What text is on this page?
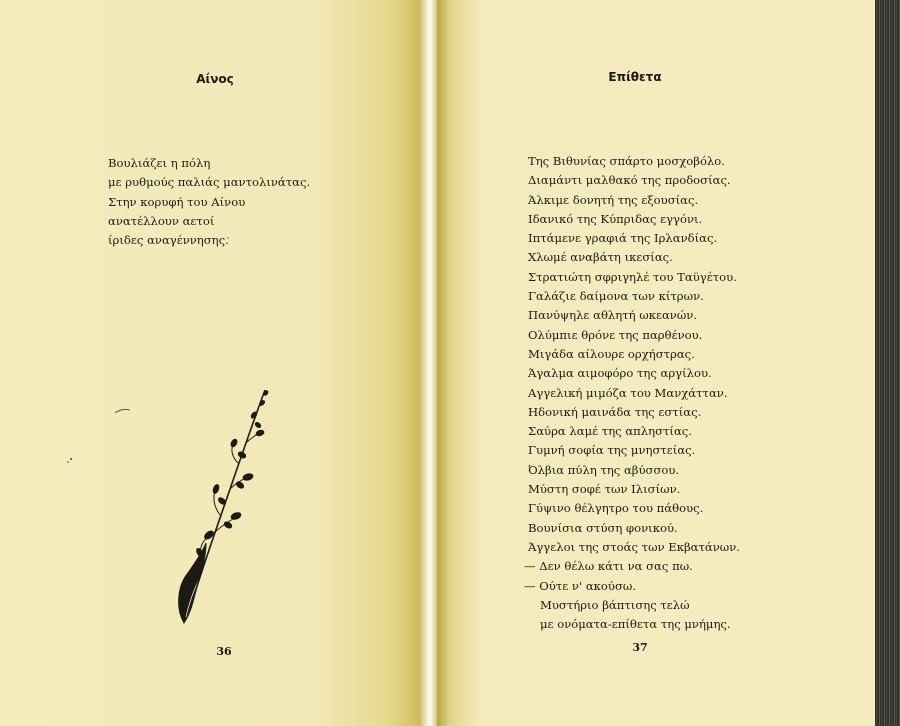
Αίνος
Βουλιάζει η πόλη
με ρυθμούς παλιάς μαντολινάτας.
Στην κορυφή του Αίνου
ανατέλλουν αετοί
ίριδες αναγέννησης.
36
Επίθετα
Της Βιθυνίας σπάρτο μοσχοβόλο.
Διαμάντι μαλθακό της προδοσίας.
Άλκιμε δονητή της εξουσίας.
Ιδανικό της Κύπριδας εγγόνι.
Ιπτάμενε γραφιά της Ιρλανδίας.
Χλωμέ αναβάτη ικεσίας.
Στρατιώτη σφριγηλέ του Ταϋγέτου.
Γαλάζιε δαίμονα των κίτρων.
Πανύψηλε αθλητή ωκεανών.
Ολύμπιε θρόνε της παρθένου.
Μιγάδα αίλουρε ορχήστρας.
Άγαλμα αιμοφόρο της αργίλου.
Αγγελική μιμόζα του Μανχάτταν.
Ηδονική μαινάδα της εστίας.
Σαύρα λαμέ της απληστίας.
Γυμνή σοφία της μνηστείας.
Όλβια πύλη της αβύσσου.
Μύστη σοφέ των Ιλισίων.
Γύψινο θέλγητρο του πάθους.
Βουνίσια στύση φονικού.
Άγγελοι της στοάς των Εκβατάνων.
— Δεν θέλω κάτι να σας πω.
— Ούτε ν' ακούσω.
Μυστήριο βάπτισης τελώ
με ονόματα-επίθετα της μνήμης.
37
